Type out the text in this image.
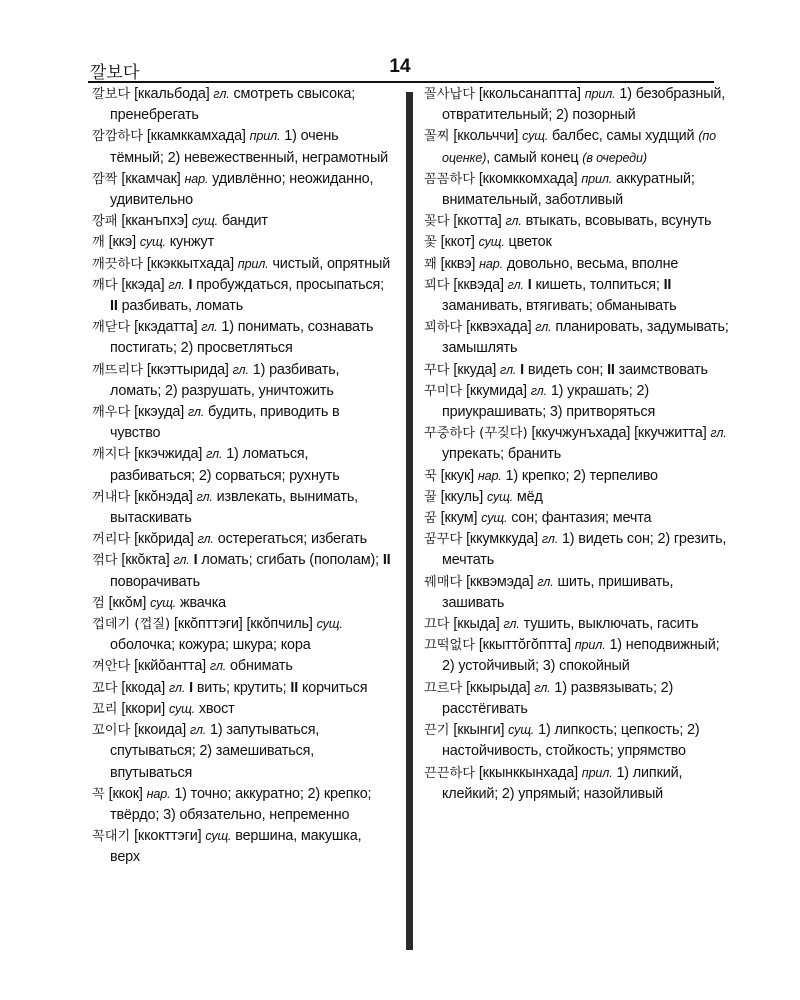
깔보다	14

깔보다 [ккальбода] гл. смотреть свысока; пренебрегать

깜깜하다 [ккамккамхада] прил. 1) очень тёмный; 2) невежественный, неграмотный

깜짝 [ккамчак] нар. удивлённо; неожиданно, удивительно

깡패 [кканъпхэ] сущ. бандит

깨 [ккэ] сущ. кунжут

깨끗하다 [ккэккытхада] прил. чистый, опрятный

깨다 [ккэда] гл. I пробуждаться, просыпаться; II разбивать, ломать

깨닫다 [ккэдатта] гл. 1) понимать, сознавать постигать; 2) просветляться

깨뜨리다 [ккэттырида] гл. 1) разбивать, ломать; 2) разрушать, уничтожить

깨우다 [ккэуда] гл. будить, приводить в чувство

깨지다 [ккэчжида] гл. 1) ломаться, разбиваться; 2) сорваться; рухнуть

꺼내다 [ккŏнэда] гл. извлекать, вынимать, вытаскивать

꺼리다 [ккŏрида] гл. остерегаться; избегать

꺾다 [ккŏкта] гл. I ломать; сгибать (пополам); II поворачивать

껌 [ккŏм] сущ. жвачка

껍데기 (껍질) [ккŏпттэги] [ккŏпчиль] сущ. оболочка; кожура; шкура; кора

껴안다 [ккйŏантта] гл. обнимать

꼬다 [ккода] гл. I вить; крутить; II корчиться

꼬리 [ккори] сущ. хвост

꼬이다 [ккоида] гл. 1) запутываться, спутываться; 2) замешиваться, впутываться

꼭 [ккок] нар. 1) точно; аккуратно; 2) крепко; твёрдо; 3) обязательно, непременно

꼭대기 [ккокттэги] сущ. вершина, макушка, верх

꼴사납다 [ккольсанаптта] прил. 1) безобразный, отвратительный; 2) позорный

꼴찌 [ккольччи] сущ. балбес, самы худщий (по оценке), самый конец (в очереди)

꼼꼼하다 [ккомккомхада] прил. аккуратный; внимательный, заботливый

꽂다 [ккотта] гл. втыкать, всовывать, всунуть

꽃 [ккот] сущ. цветок

꽤 [кквэ] нар. довольно, весьма, вполне

꾀다 [кквэда] гл. I кишеть, толпиться; II заманивать, втягивать; обманывать

꾀하다 [кквэхада] гл. планировать, задумывать; замышлять

꾸다 [ккуда] гл. I видеть сон; II заимствовать

꾸미다 [ккумида] гл. 1) украшать; 2) приукрашивать; 3) притворяться

꾸중하다 (꾸짖다) [ккучжунъхада] [ккучжитта] гл. упрекать; бранить

꾹 [ккук] нар. 1) крепко; 2) терпеливо

꿀 [ккуль] сущ. мёд

꿈 [ккум] сущ. сон; фантазия; мечта

꿈꾸다 [ккумккуда] гл. 1) видеть сон; 2) грезить, мечтать

꿰매다 [кквэмэда] гл. шить, пришивать, зашивать

끄다 [ккыда] гл. тушить, выключать, гасить

끄떡없다 [ккыттŏгŏптта] прил. 1) неподвижный; 2) устойчивый; 3) спокойный

끄르다 [ккырыда] гл. 1) развязывать; 2) расстёгивать

끈기 [ккынги] сущ. 1) липкость; цепкость; 2) настойчивость, стойкость; упрямство

끈끈하다 [ккынккынхада] прил. 1) липкий, клейкий; 2) упрямый; назойливый
